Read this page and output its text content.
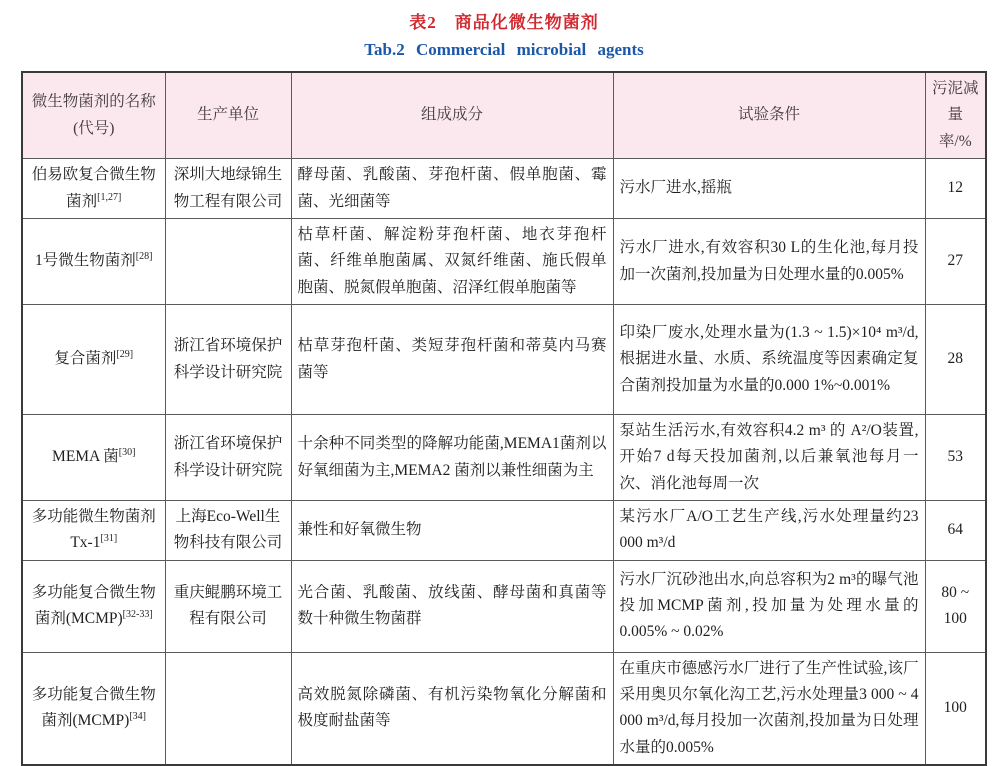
表2　商品化微生物菌剂

Tab.2 Commercial microbial agents

微生物菌剂的名称(代号)	生产单位	组成成分	试验条件	污泥减量率/%
伯易欧复合微生物菌剂[1,27]	深圳大地绿锦生物工程有限公司	酵母菌、乳酸菌、芽孢杆菌、假单胞菌、霉菌、光细菌等	污水厂进水,摇瓶	12
1号微生物菌剂[28]		枯草杆菌、解淀粉芽孢杆菌、地衣芽孢杆菌、纤维单胞菌属、双氮纤维菌、施氏假单胞菌、脱氮假单胞菌、沼泽红假单胞菌等	污水厂进水,有效容积30 L的生化池,每月投加一次菌剂,投加量为日处理水量的0.005%	27
复合菌剂[29]	浙江省环境保护科学设计研究院	枯草芽孢杆菌、类短芽孢杆菌和蒂莫内马赛菌等	印染厂废水,处理水量为(1.3 ~ 1.5)×10⁴ m³/d,根据进水量、水质、系统温度等因素确定复合菌剂投加量为水量的0.000 1%~0.001%	28
MEMA 菌[30]	浙江省环境保护科学设计研究院	十余种不同类型的降解功能菌,MEMA1菌剂以好氧细菌为主,MEMA2 菌剂以兼性细菌为主	泵站生活污水,有效容积4.2 m³ 的 A²/O装置,开始7 d每天投加菌剂,以后兼氧池每月一次、消化池每周一次	53
多功能微生物菌剂Tx-1[31]	上海Eco-Well生物科技有限公司	兼性和好氧微生物	某污水厂A/O工艺生产线,污水处理量约23 000 m³/d	64
多功能复合微生物菌剂(MCMP)[32-33]	重庆鲲鹏环境工程有限公司	光合菌、乳酸菌、放线菌、酵母菌和真菌等数十种微生物菌群	污水厂沉砂池出水,向总容积为2 m³的曝气池投加MCMP菌剂,投加量为处理水量的0.005% ~ 0.02%	80 ~ 100
多功能复合微生物菌剂(MCMP)[34]		高效脱氮除磷菌、有机污染物氧化分解菌和极度耐盐菌等	在重庆市德感污水厂进行了生产性试验,该厂采用奥贝尔氧化沟工艺,污水处理量3 000 ~ 4 000 m³/d,每月投加一次菌剂,投加量为日处理水量的0.005%	100
